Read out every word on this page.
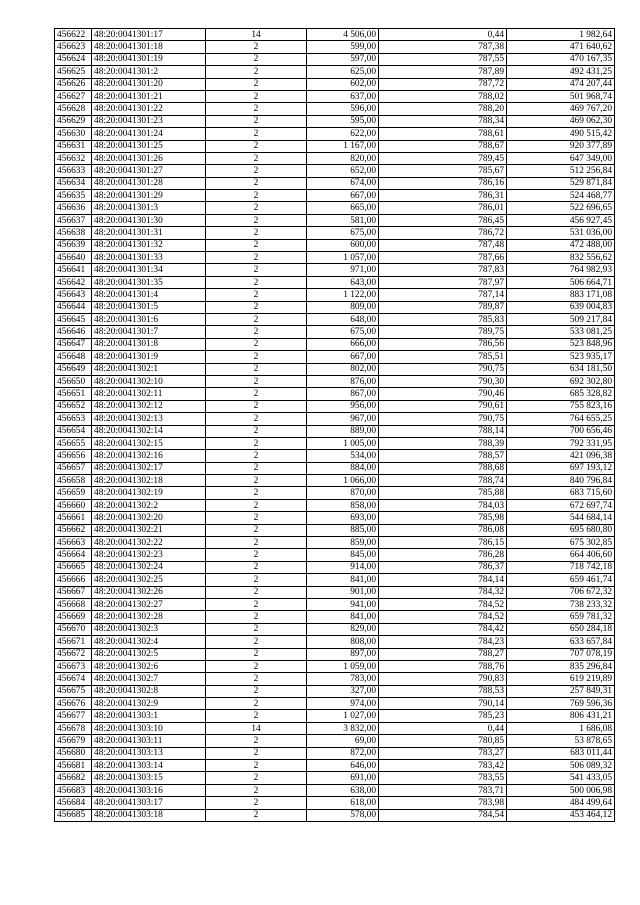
456622	48:20:0041301:17	14	4 506,00	0,44	1 982,64
456623	48:20:0041301:18	2	599,00	787,38	471 640,62
456624	48:20:0041301:19	2	597,00	787,55	470 167,35
456625	48:20:0041301:2	2	625,00	787,89	492 431,25
456626	48:20:0041301:20	2	602,00	787,72	474 207,44
456627	48:20:0041301:21	2	637,00	788,02	501 968,74
456628	48:20:0041301:22	2	596,00	788,20	469 767,20
456629	48:20:0041301:23	2	595,00	788,34	469 062,30
456630	48:20:0041301:24	2	622,00	788,61	490 515,42
456631	48:20:0041301:25	2	1 167,00	788,67	920 377,89
456632	48:20:0041301:26	2	820,00	789,45	647 349,00
456633	48:20:0041301:27	2	652,00	785,67	512 256,84
456634	48:20:0041301:28	2	674,00	786,16	529 871,84
456635	48:20:0041301:29	2	667,00	786,31	524 468,77
456636	48:20:0041301:3	2	665,00	786,01	522 696,65
456637	48:20:0041301:30	2	581,00	786,45	456 927,45
456638	48:20:0041301:31	2	675,00	786,72	531 036,00
456639	48:20:0041301:32	2	600,00	787,48	472 488,00
456640	48:20:0041301:33	2	1 057,00	787,66	832 556,62
456641	48:20:0041301:34	2	971,00	787,83	764 982,93
456642	48:20:0041301:35	2	643,00	787,97	506 664,71
456643	48:20:0041301:4	2	1 122,00	787,14	883 171,08
456644	48:20:0041301:5	2	809,00	789,87	639 004,83
456645	48:20:0041301:6	2	648,00	785,83	509 217,84
456646	48:20:0041301:7	2	675,00	789,75	533 081,25
456647	48:20:0041301:8	2	666,00	786,56	523 848,96
456648	48:20:0041301:9	2	667,00	785,51	523 935,17
456649	48:20:0041302:1	2	802,00	790,75	634 181,50
456650	48:20:0041302:10	2	876,00	790,30	692 302,80
456651	48:20:0041302:11	2	867,00	790,46	685 328,82
456652	48:20:0041302:12	2	956,00	790,61	755 823,16
456653	48:20:0041302:13	2	967,00	790,75	764 655,25
456654	48:20:0041302:14	2	889,00	788,14	700 656,46
456655	48:20:0041302:15	2	1 005,00	788,39	792 331,95
456656	48:20:0041302:16	2	534,00	788,57	421 096,38
456657	48:20:0041302:17	2	884,00	788,68	697 193,12
456658	48:20:0041302:18	2	1 066,00	788,74	840 796,84
456659	48:20:0041302:19	2	870,00	785,88	683 715,60
456660	48:20:0041302:2	2	858,00	784,03	672 697,74
456661	48:20:0041302:20	2	693,00	785,98	544 684,14
456662	48:20:0041302:21	2	885,00	786,08	695 680,80
456663	48:20:0041302:22	2	859,00	786,15	675 302,85
456664	48:20:0041302:23	2	845,00	786,28	664 406,60
456665	48:20:0041302:24	2	914,00	786,37	718 742,18
456666	48:20:0041302:25	2	841,00	784,14	659 461,74
456667	48:20:0041302:26	2	901,00	784,32	706 672,32
456668	48:20:0041302:27	2	941,00	784,52	738 233,32
456669	48:20:0041302:28	2	841,00	784,52	659 781,32
456670	48:20:0041302:3	2	829,00	784,42	650 284,18
456671	48:20:0041302:4	2	808,00	784,23	633 657,84
456672	48:20:0041302:5	2	897,00	788,27	707 078,19
456673	48:20:0041302:6	2	1 059,00	788,76	835 296,84
456674	48:20:0041302:7	2	783,00	790,83	619 219,89
456675	48:20:0041302:8	2	327,00	788,53	257 849,31
456676	48:20:0041302:9	2	974,00	790,14	769 596,36
456677	48:20:0041303:1	2	1 027,00	785,23	806 431,21
456678	48:20:0041303:10	14	3 832,00	0,44	1 686,08
456679	48:20:0041303:11	2	69,00	780,85	53 878,65
456680	48:20:0041303:13	2	872,00	783,27	683 011,44
456681	48:20:0041303:14	2	646,00	783,42	506 089,32
456682	48:20:0041303:15	2	691,00	783,55	541 433,05
456683	48:20:0041303:16	2	638,00	783,71	500 006,98
456684	48:20:0041303:17	2	618,00	783,98	484 499,64
456685	48:20:0041303:18	2	578,00	784,54	453 464,12
